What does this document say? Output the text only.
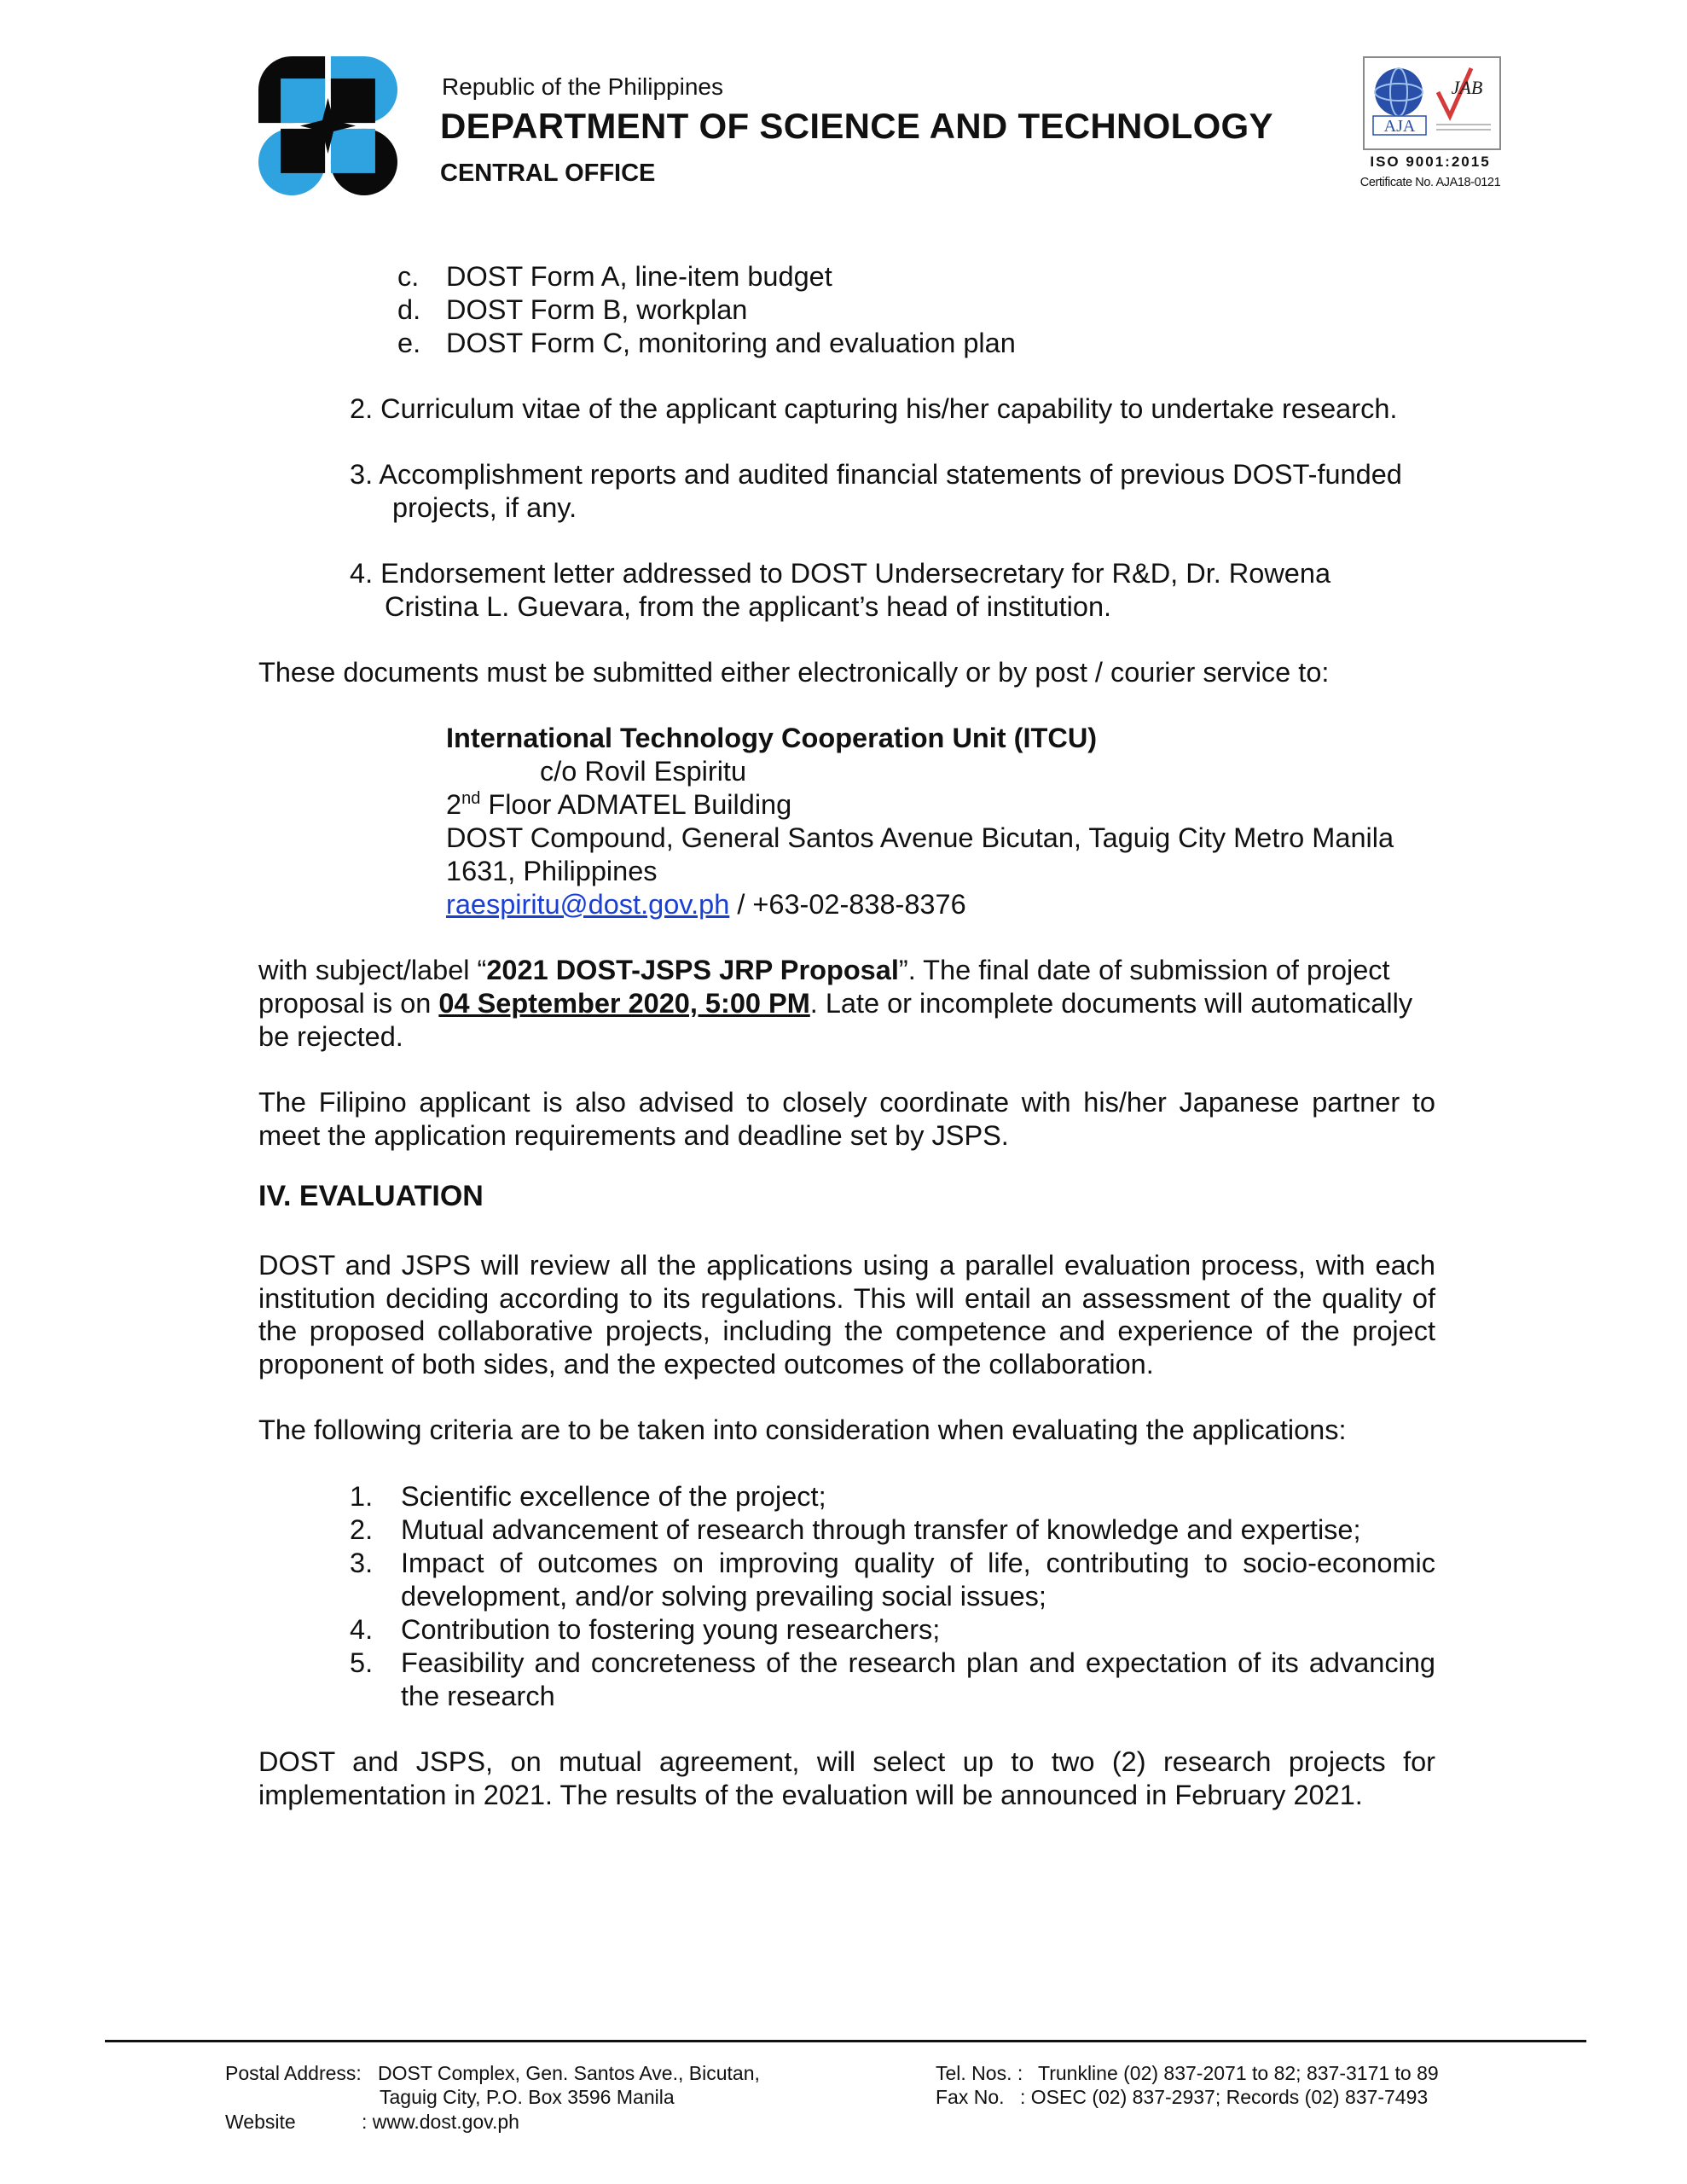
Republic of the Philippines
DEPARTMENT OF SCIENCE AND TECHNOLOGY
CENTRAL OFFICE
AJA
JAB
ISO 9001:2015
Certificate No. AJA18-0121
c. DOST Form A, line-item budget
d. DOST Form B, workplan
e. DOST Form C, monitoring and evaluation plan
2. Curriculum vitae of the applicant capturing his/her capability to undertake research.
3. Accomplishment reports and audited financial statements of previous DOST-funded
projects, if any.
4. Endorsement letter addressed to DOST Undersecretary for R&D, Dr. Rowena
Cristina L. Guevara, from the applicant’s head of institution.
These documents must be submitted either electronically or by post / courier service to:
International Technology Cooperation Unit (ITCU)
c/o Rovil Espiritu
2nd Floor ADMATEL Building
DOST Compound, General Santos Avenue Bicutan, Taguig City Metro Manila
1631, Philippines
raespiritu@dost.gov.ph / +63-02-838-8376
with subject/label “2021 DOST-JSPS JRP Proposal”. The final date of submission of project
proposal is on 04 September 2020, 5:00 PM. Late or incomplete documents will automatically
be rejected.
The Filipino applicant is also advised to closely coordinate with his/her Japanese partner to meet the application requirements and deadline set by JSPS.
IV. EVALUATION
DOST and JSPS will review all the applications using a parallel evaluation process, with each institution deciding according to its regulations. This will entail an assessment of the quality of the proposed collaborative projects, including the competence and experience of the project proponent of both sides, and the expected outcomes of the collaboration.
The following criteria are to be taken into consideration when evaluating the applications:
1. Scientific excellence of the project;
2. Mutual advancement of research through transfer of knowledge and expertise;
3. Impact of outcomes on improving quality of life, contributing to socio-economic development, and/or solving prevailing social issues;
4. Contribution to fostering young researchers;
5. Feasibility and concreteness of the research plan and expectation of its advancing the research
DOST and JSPS, on mutual agreement, will select up to two (2) research projects for implementation in 2021. The results of the evaluation will be announced in February 2021.
Postal Address: DOST Complex, Gen. Santos Ave., Bicutan,
Taguig City, P.O. Box 3596 Manila
Website	: www.dost.gov.ph
Tel. Nos. : Trunkline (02) 837-2071 to 82; 837-3171 to 89
Fax No. : OSEC (02) 837-2937; Records (02) 837-7493
